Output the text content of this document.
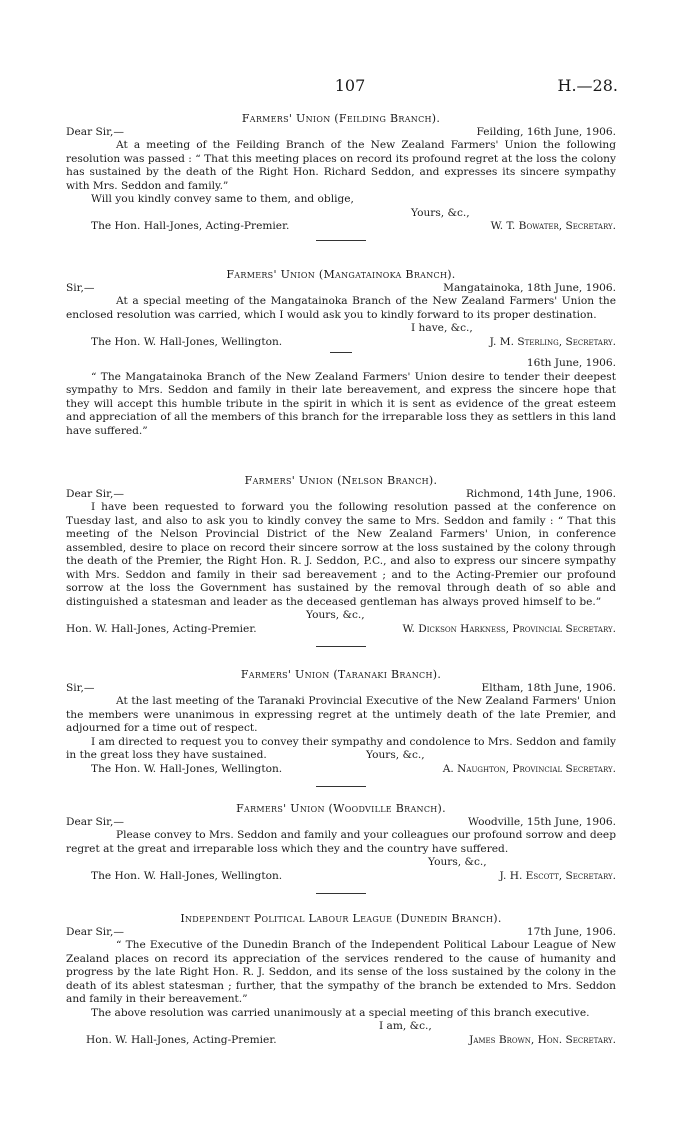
107	H.—28.
Farmers' Union (Feilding Branch).
Dear Sir,—	Feilding, 16th June, 1906.
At a meeting of the Feilding Branch of the New Zealand Farmers' Union the following resolution was passed : “ That this meeting places on record its profound regret at the loss the colony has sustained by the death of the Right Hon. Richard Seddon, and expresses its sincere sympathy with Mrs. Seddon and family.”
Will you kindly convey same to them, and oblige,
Yours, &c.,
The Hon. Hall-Jones, Acting-Premier.	W. T. Bowater, Secretary.
Farmers' Union (Mangatainoka Branch).
Sir,—	Mangatainoka, 18th June, 1906.
At a special meeting of the Mangatainoka Branch of the New Zealand Farmers' Union the enclosed resolution was carried, which I would ask you to kindly forward to its proper destination.
I have, &c.,
The Hon. W. Hall-Jones, Wellington.	J. M. Sterling, Secretary.
16th June, 1906.
“ The Mangatainoka Branch of the New Zealand Farmers' Union desire to tender their deepest sympathy to Mrs. Seddon and family in their late bereavement, and express the sincere hope that they will accept this humble tribute in the spirit in which it is sent as evidence of the great esteem and appreciation of all the members of this branch for the irreparable loss they as settlers in this land have suffered.”
Farmers' Union (Nelson Branch).
Dear Sir,—	Richmond, 14th June, 1906.
I have been requested to forward you the following resolution passed at the conference on Tuesday last, and also to ask you to kindly convey the same to Mrs. Seddon and family : “ That this meeting of the Nelson Provincial District of the New Zealand Farmers' Union, in conference assembled, desire to place on record their sincere sorrow at the loss sustained by the colony through the death of the Premier, the Right Hon. R. J. Seddon, P.C., and also to express our sincere sympathy with Mrs. Seddon and family in their sad bereavement ; and to the Acting-Premier our profound sorrow at the loss the Government has sustained by the removal through death of so able and distinguished a statesman and leader as the deceased gentleman has always proved himself to be.”
Yours, &c.,
Hon. W. Hall-Jones, Acting-Premier.	W. Dickson Harkness, Provincial Secretary.
Farmers' Union (Taranaki Branch).
Sir,—	Eltham, 18th June, 1906.
At the last meeting of the Taranaki Provincial Executive of the New Zealand Farmers' Union the members were unanimous in expressing regret at the untimely death of the late Premier, and adjourned for a time out of respect.
I am directed to request you to convey their sympathy and condolence to Mrs. Seddon and family in the great loss they have sustained.	Yours, &c.,
The Hon. W. Hall-Jones, Wellington.	A. Naughton, Provincial Secretary.
Farmers' Union (Woodville Branch).
Dear Sir,—	Woodville, 15th June, 1906.
Please convey to Mrs. Seddon and family and your colleagues our profound sorrow and deep regret at the great and irreparable loss which they and the country have suffered.
Yours, &c.,
The Hon. W. Hall-Jones, Wellington.	J. H. Escott, Secretary.
Independent Political Labour League (Dunedin Branch).
Dear Sir,—	17th June, 1906.
“ The Executive of the Dunedin Branch of the Independent Political Labour League of New Zealand places on record its appreciation of the services rendered to the cause of humanity and progress by the late Right Hon. R. J. Seddon, and its sense of the loss sustained by the colony in the death of its ablest statesman ; further, that the sympathy of the branch be extended to Mrs. Seddon and family in their bereavement.”
The above resolution was carried unanimously at a special meeting of this branch executive.
I am, &c.,
Hon. W. Hall-Jones, Acting-Premier.	James Brown, Hon. Secretary.
